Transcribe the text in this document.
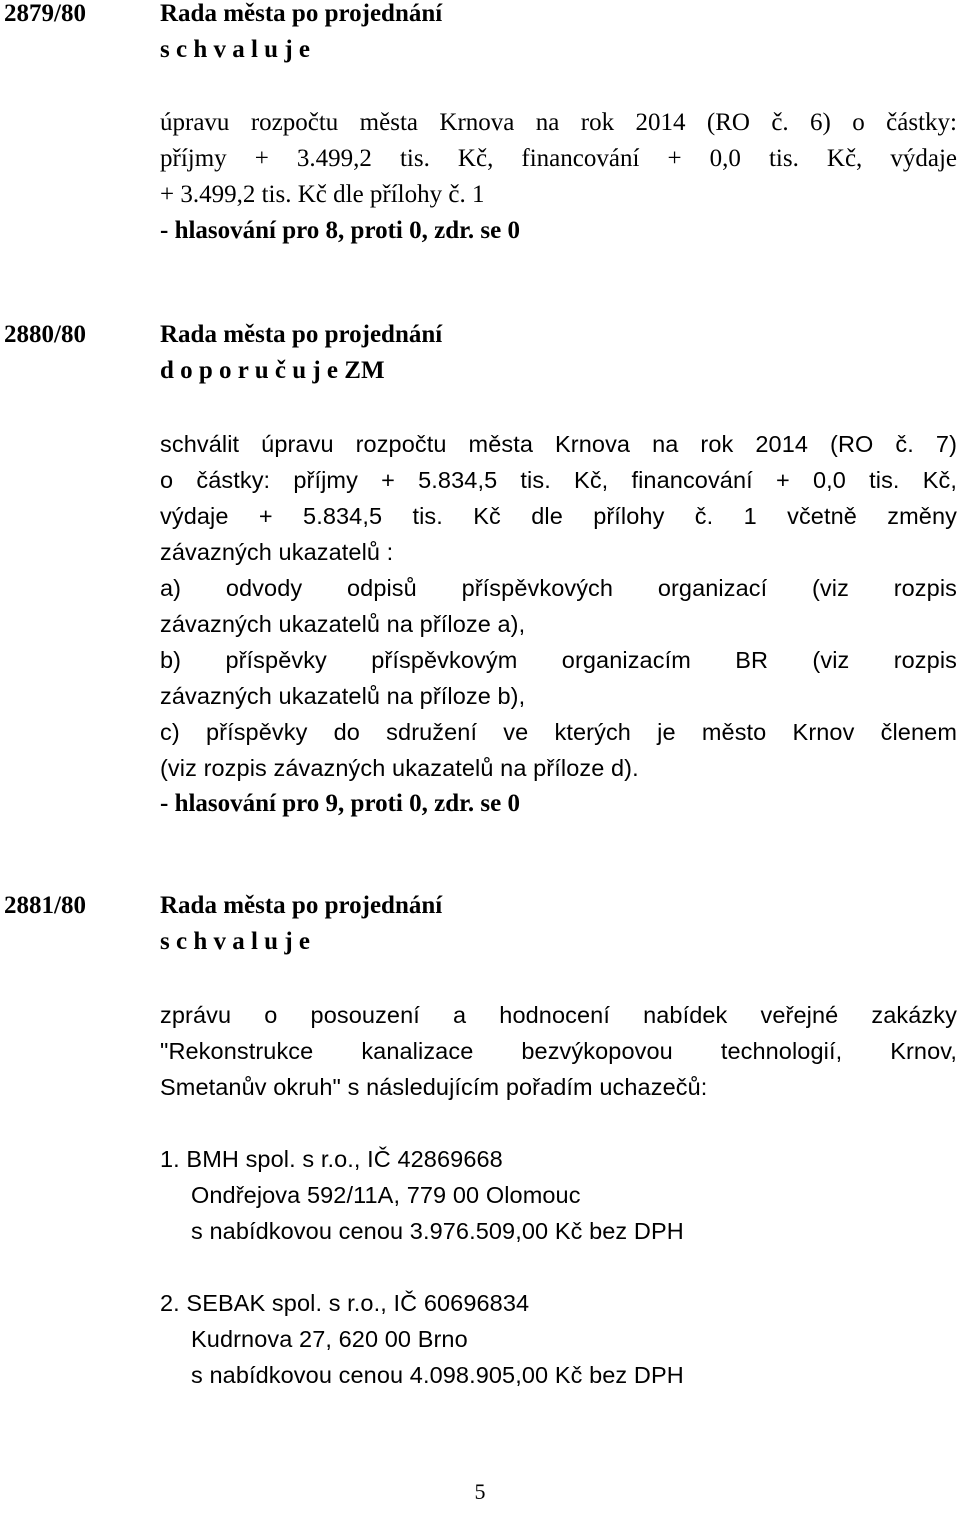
2879/80	Rada města po projednání
s c h v a l u j e
úpravu rozpočtu města Krnova na rok 2014 (RO č. 6) o částky:
příjmy + 3.499,2 tis. Kč, financování + 0,0 tis. Kč, výdaje
+ 3.499,2 tis. Kč dle přílohy č. 1
- hlasování pro 8, proti 0, zdr. se 0
2880/80	Rada města po projednání
d o p o r u č u j e ZM
schválit úpravu rozpočtu města Krnova na rok 2014 (RO č. 7)
o částky: příjmy + 5.834,5 tis. Kč, financování + 0,0 tis. Kč,
výdaje + 5.834,5 tis. Kč dle přílohy č. 1 včetně změny
závazných ukazatelů :
a) odvody odpisů příspěvkových organizací (viz rozpis
závazných ukazatelů na příloze a),
b) příspěvky příspěvkovým organizacím BR (viz rozpis
závazných ukazatelů na příloze b),
c) příspěvky do sdružení ve kterých je město Krnov členem
(viz rozpis závazných ukazatelů na příloze d).
- hlasování pro 9, proti 0, zdr. se 0
2881/80	Rada města po projednání
s c h v a l u j e
zprávu o posouzení a hodnocení nabídek veřejné zakázky
"Rekonstrukce kanalizace bezvýkopovou technologií, Krnov,
Smetanův okruh" s následujícím pořadím uchazečů:
1. BMH spol. s r.o., IČ 42869668
Ondřejova 592/11A, 779 00 Olomouc
s nabídkovou cenou 3.976.509,00 Kč bez DPH
2. SEBAK spol. s r.o., IČ 60696834
Kudrnova 27, 620 00 Brno
s nabídkovou cenou 4.098.905,00 Kč bez DPH
5
